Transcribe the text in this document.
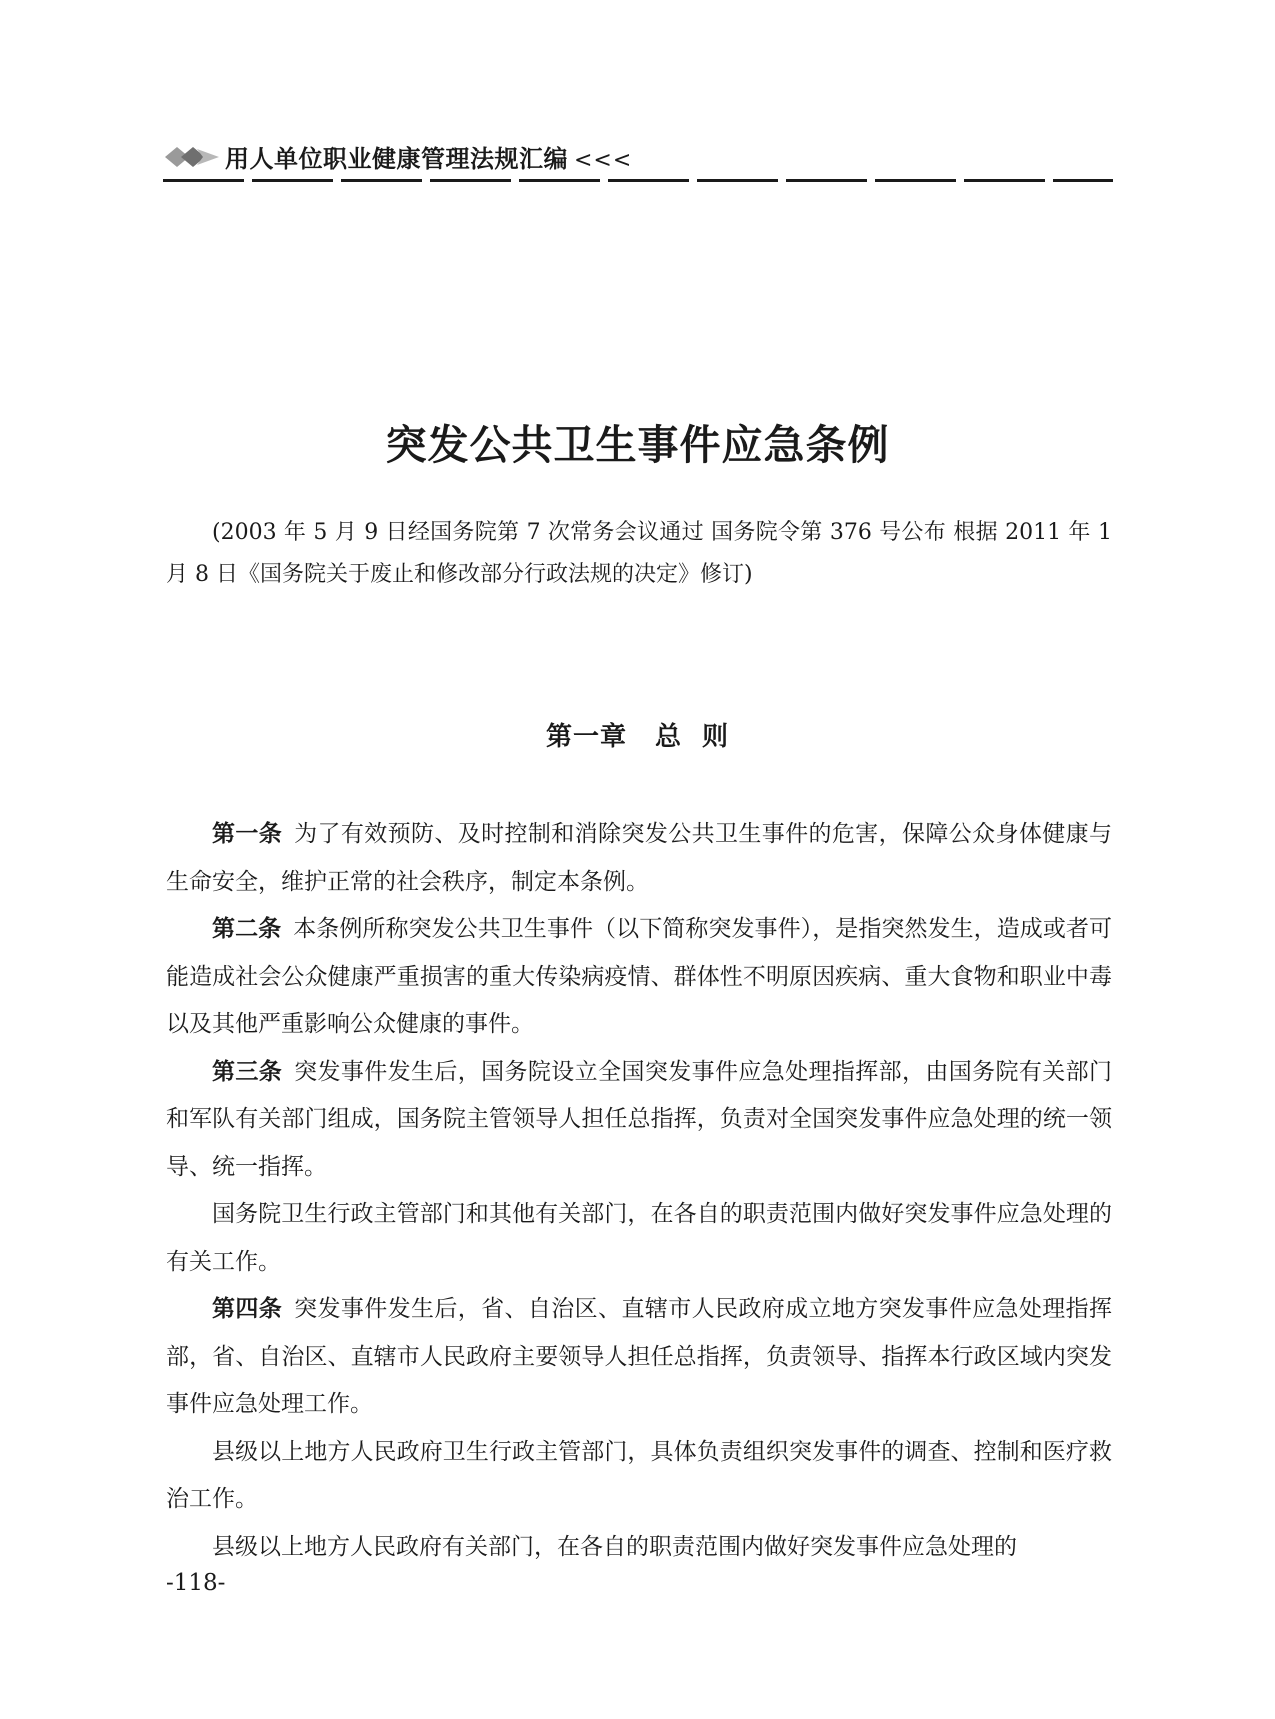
用人单位职业健康管理法规汇编 <<<
突发公共卫生事件应急条例
(2003 年 5 月 9 日经国务院第 7 次常务会议通过 国务院令第 376 号公布 根据 2011 年 1 月 8 日《国务院关于废止和修改部分行政法规的决定》修订)
第一章 总  则

第一条 为了有效预防、及时控制和消除突发公共卫生事件的危害，保障公众身体健康与生命安全，维护正常的社会秩序，制定本条例。

第二条 本条例所称突发公共卫生事件（以下简称突发事件），是指突然发生，造成或者可能造成社会公众健康严重损害的重大传染病疫情、群体性不明原因疾病、重大食物和职业中毒以及其他严重影响公众健康的事件。

第三条 突发事件发生后，国务院设立全国突发事件应急处理指挥部，由国务院有关部门和军队有关部门组成，国务院主管领导人担任总指挥，负责对全国突发事件应急处理的统一领导、统一指挥。

国务院卫生行政主管部门和其他有关部门，在各自的职责范围内做好突发事件应急处理的有关工作。

第四条 突发事件发生后，省、自治区、直辖市人民政府成立地方突发事件应急处理指挥部，省、自治区、直辖市人民政府主要领导人担任总指挥，负责领导、指挥本行政区域内突发事件应急处理工作。

县级以上地方人民政府卫生行政主管部门，具体负责组织突发事件的调查、控制和医疗救治工作。

县级以上地方人民政府有关部门，在各自的职责范围内做好突发事件应急处理的

-118-
